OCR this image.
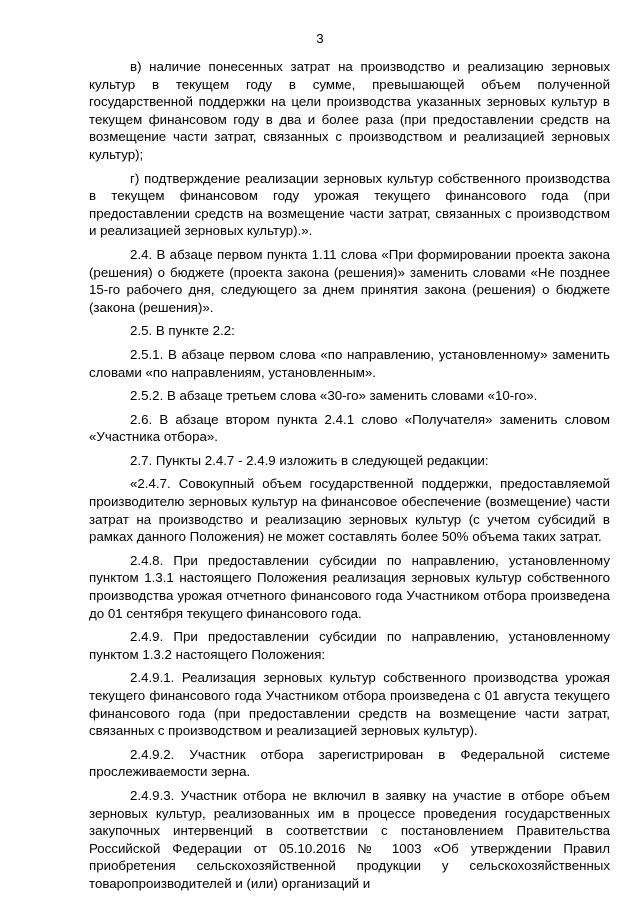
3

в) наличие понесенных затрат на производство и реализацию зерновых культур в текущем году в сумме, превышающей объем полученной государственной поддержки на цели производства указанных зерновых культур в текущем финансовом году в два и более раза (при предоставлении средств на возмещение части затрат, связанных с производством и реализацией зерновых культур);

г) подтверждение реализации зерновых культур собственного производства в текущем финансовом году урожая текущего финансового года (при предоставлении средств на возмещение части затрат, связанных с производством и реализацией зерновых культур).».

2.4. В абзаце первом пункта 1.11 слова «При формировании проекта закона (решения) о бюджете (проекта закона (решения)» заменить словами «Не позднее 15-го рабочего дня, следующего за днем принятия закона (решения) о бюджете (закона (решения)».

2.5. В пункте 2.2:

2.5.1. В абзаце первом слова «по направлению, установленному» заменить словами «по направлениям, установленным».

2.5.2. В абзаце третьем слова «30-го» заменить словами «10-го».

2.6. В абзаце втором пункта 2.4.1 слово «Получателя» заменить словом «Участника отбора».

2.7. Пункты 2.4.7 - 2.4.9 изложить в следующей редакции:

«2.4.7. Совокупный объем государственной поддержки, предоставляемой производителю зерновых культур на финансовое обеспечение (возмещение) части затрат на производство и реализацию зерновых культур (с учетом субсидий в рамках данного Положения) не может составлять более 50% объема таких затрат.

2.4.8. При предоставлении субсидии по направлению, установленному пунктом 1.3.1 настоящего Положения реализация зерновых культур собственного производства урожая отчетного финансового года Участником отбора произведена до 01 сентября текущего финансового года.

2.4.9. При предоставлении субсидии по направлению, установленному пунктом 1.3.2 настоящего Положения:

2.4.9.1. Реализация зерновых культур собственного производства урожая текущего финансового года Участником отбора произведена с 01 августа текущего финансового года (при предоставлении средств на возмещение части затрат, связанных с производством и реализацией зерновых культур).

2.4.9.2. Участник отбора зарегистрирован в Федеральной системе прослеживаемости зерна.

2.4.9.3. Участник отбора не включил в заявку на участие в отборе объем зерновых культур, реализованных им в процессе проведения государственных закупочных интервенций в соответствии с постановлением Правительства Российской Федерации от 05.10.2016 № 1003 «Об утверждении Правил приобретения сельскохозяйственной продукции у сельскохозяйственных товаропроизводителей и (или) организаций и
